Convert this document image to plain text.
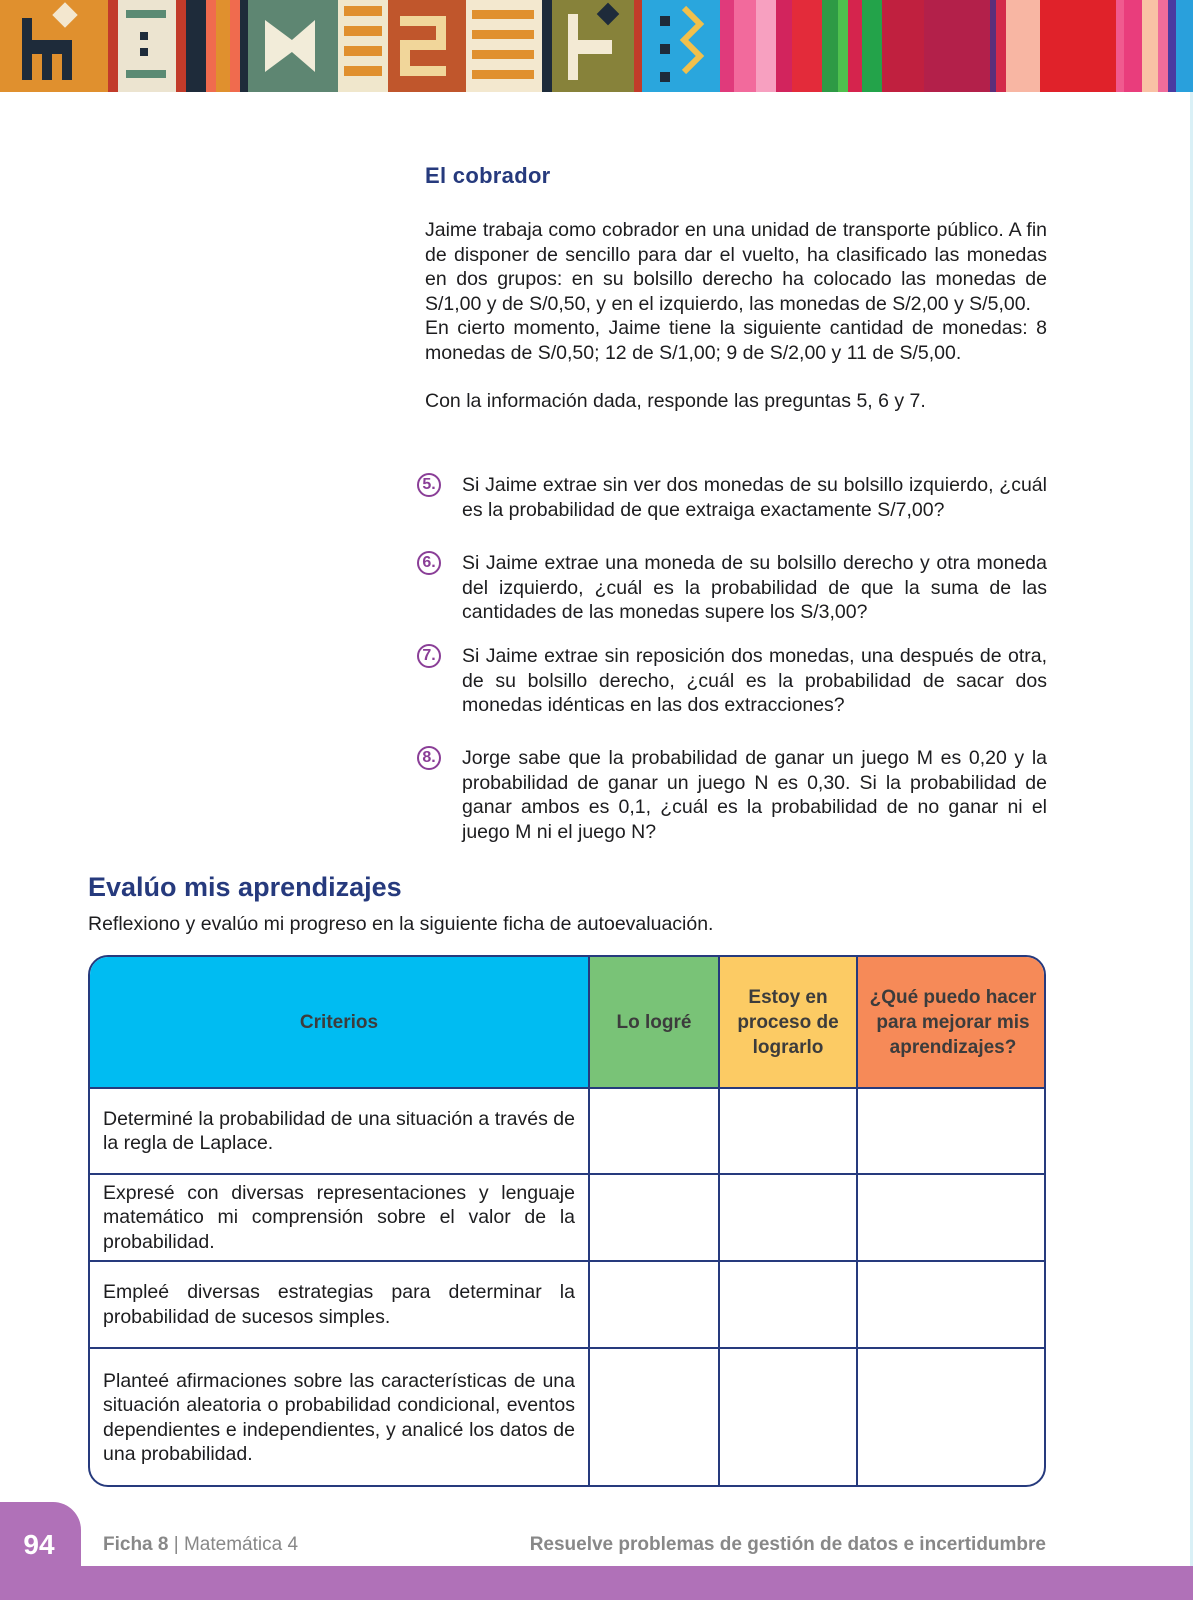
El cobrador

Jaime trabaja como cobrador en una unidad de transporte público. A fin de disponer de sencillo para dar el vuelto, ha clasificado las monedas en dos grupos: en su bolsillo derecho ha colocado las monedas de S/1,00 y de S/0,50, y en el izquierdo, las monedas de S/2,00 y S/5,00.

En cierto momento, Jaime tiene la siguiente cantidad de monedas: 8 monedas de S/0,50; 12 de S/1,00; 9 de S/2,00 y 11 de S/5,00.

Con la información dada, responde las preguntas 5, 6 y 7.

5. Si Jaime extrae sin ver dos monedas de su bolsillo izquierdo, ¿cuál es la probabilidad de que extraiga exactamente S/7,00?
6. Si Jaime extrae una moneda de su bolsillo derecho y otra moneda del izquierdo, ¿cuál es la probabilidad de que la suma de las cantidades de las monedas supere los S/3,00?
7. Si Jaime extrae sin reposición dos monedas, una después de otra, de su bolsillo derecho, ¿cuál es la probabilidad de sacar dos monedas idénticas en las dos extracciones?
8. Jorge sabe que la probabilidad de ganar un juego M es 0,20 y la probabilidad de ganar un juego N es 0,30. Si la probabilidad de ganar ambos es 0,1, ¿cuál es la probabilidad de no ganar ni el juego M ni el juego N?
Evalúo mis aprendizajes
Reflexiono y evalúo mi progreso en la siguiente ficha de autoevaluación.
Criterios	Lo logré	Estoy en proceso de lograrlo	¿Qué puedo hacer para mejorar mis aprendizajes?
Determiné la probabilidad de una situación a través de la regla de Laplace.			
Expresé con diversas representaciones y lenguaje matemático mi comprensión sobre el valor de la probabilidad.			
Empleé diversas estrategias para determinar la probabilidad de sucesos simples.			
Planteé afirmaciones sobre las características de una situación aleatoria o probabilidad condicional, eventos dependientes e independientes, y analicé los datos de una probabilidad.			
94	Ficha 8 | Matemática 4	Resuelve problemas de gestión de datos e incertidumbre
